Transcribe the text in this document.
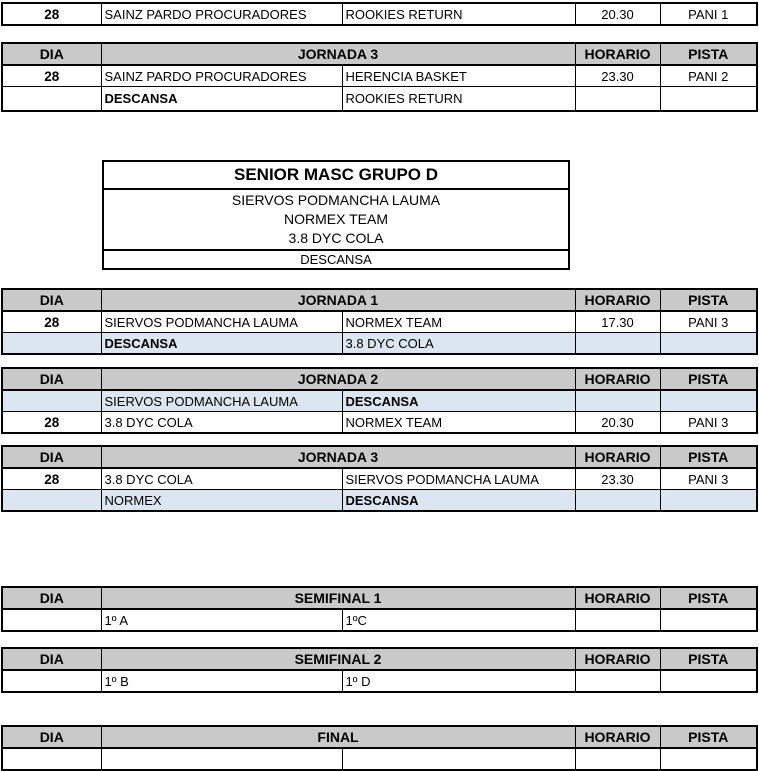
28	SAINZ PARDO PROCURADORES	ROOKIES RETURN	20.30	PANI 1
DIA	JORNADA 3		HORARIO	PISTA
28	SAINZ PARDO PROCURADORES	HERENCIA BASKET	23.30	PANI 2
	DESCANSA	ROOKIES RETURN		
SENIOR MASC GRUPO D
SIERVOS PODMANCHA LAUMA
NORMEX TEAM
3.8 DYC COLA
DESCANSA
DIA	JORNADA 1		HORARIO	PISTA
28	SIERVOS PODMANCHA LAUMA	NORMEX TEAM	17.30	PANI 3
	DESCANSA	3.8 DYC COLA		
DIA	JORNADA 2		HORARIO	PISTA
	SIERVOS PODMANCHA LAUMA	DESCANSA		
28	3.8 DYC COLA	NORMEX TEAM	20.30	PANI 3
DIA	JORNADA 3		HORARIO	PISTA
28	3.8 DYC COLA	SIERVOS PODMANCHA LAUMA	23.30	PANI 3
	NORMEX	DESCANSA		
DIA	SEMIFINAL 1		HORARIO	PISTA
	1º A	1ºC		
DIA	SEMIFINAL 2		HORARIO	PISTA
	1º B	1º D		
DIA	FINAL		HORARIO	PISTA
